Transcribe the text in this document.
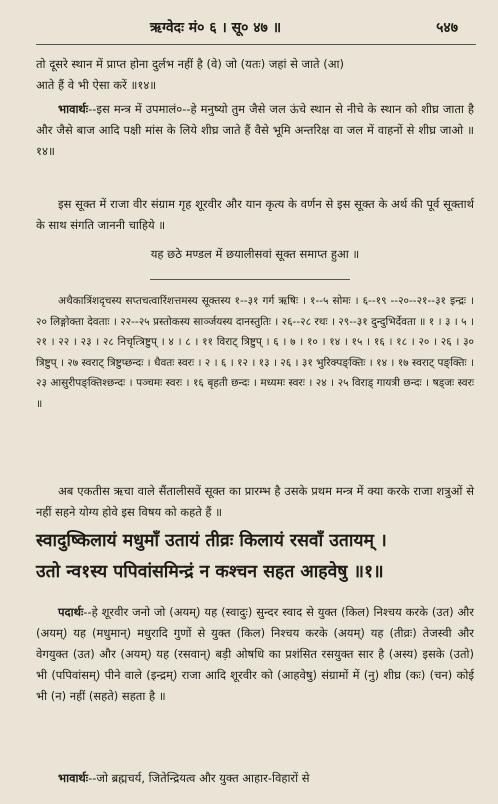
ऋग्वेदः मं० ६ । सू० ४७ ॥	५४७

तो दूसरे स्थान में प्राप्त होना दुर्लभ नहीं है (वे) जो (यतः) जहां से जाते (आ)

आते हैं वे भी ऐसा करें ॥१४॥

भावार्थः--इस मन्त्र में उपमालं०--हे मनुष्यो तुम जैसे जल ऊंचे स्थान से नीचे के स्थान को शीघ्र जाता है और जैसे बाज आदि पक्षी मांस के लिये शीघ्र जाते हैं वैसे भूमि अन्तरिक्ष वा जल में वाहनों से शीघ्र जाओ ॥१४॥

इस सूक्त में राजा वीर संग्राम गृह शूरवीर और यान कृत्य के वर्णन से इस सूक्त के अर्थ की पूर्व सूक्तार्थ के साथ संगति जाननी चाहिये ॥

यह छठे मण्डल में छयालीसवां सूक्त समाप्त हुआ ॥

अथैकात्रिंशदृचस्य सप्तचत्वारिंशत्तमस्य सूक्तस्य १--३१ गर्ग ऋषिः । १--५ सोमः । ६--१९ --२०--२१--३१ इन्द्रः । २० लिङ्गोक्ता देवताः । २२--२५ प्रस्तोकस्य सार्ञ्जयस्य दानस्तुतिः । २६--२८ रथः । २९--३१ दुन्दुभिर्देवता ॥ १ । ३ । ५ । २१ । २२ । २३ । २८ निचृत्त्रिष्टुप् । ४ । ८ । ११ विराट् त्रिष्टुप् । ६ । ७ । १० । १४ । १५ । १६ । १८ । २० । २६ । ३० त्रिष्टुप् । २७ स्वराट् त्रिष्टुप्छन्दः । धैवतः स्वरः । २ । ६ । १२ । १३ । २६ । ३१ भुरिक्पङ्क्तिः । १४ । १७ स्वराट् पङ्क्तिः । २३ आसुरीपङ्क्तिश्छन्दः । पञ्चमः स्वरः । १६ बृहती छन्दः । मध्यमः स्वरः । २४ । २५ विराड् गायत्री छन्दः । षड्जः स्वरः ॥

अब एकतीस ऋचा वाले सैंतालीसवें सूक्त का प्रारम्भ है उसके प्रथम मन्त्र में क्या करके राजा शत्रुओं से नहीं सहने योग्य होवे इस विषय को कहते हैं ॥

स्वादुष्किलायं मधुमाँ उतायं तीव्रः किलायं रसवाँ उतायम् ।

उतो न्व१स्य पपिवांसमिन्द्रं न कश्चन सहत आहवेषु ॥१॥

पदार्थः--हे शूरवीर जनो जो (अयम्) यह (स्वादुः) सुन्दर स्वाद से युक्त (किल) निश्चय करके (उत) और (अयम्) यह (मधुमान्) मधुरादि गुणों से युक्त (किल) निश्चय करके (अयम्) यह (तीव्रः) तेजस्वी और वेगयुक्त (उत) और (अयम्) यह (रसवान्) बड़ी ओषधि का प्रशंसित रसयुक्त सार है (अस्य) इसके (उतो) भी (पपिवांसम्) पीने वाले (इन्द्रम्) राजा आदि शूरवीर को (आहवेषु) संग्रामों में (नु) शीघ्र (कः) (चन) कोई भी (न) नहीं (सहते) सहता है ॥

भावार्थः--जो ब्रह्मचर्य, जितेन्द्रियत्व और युक्त आहार-विहारों से
